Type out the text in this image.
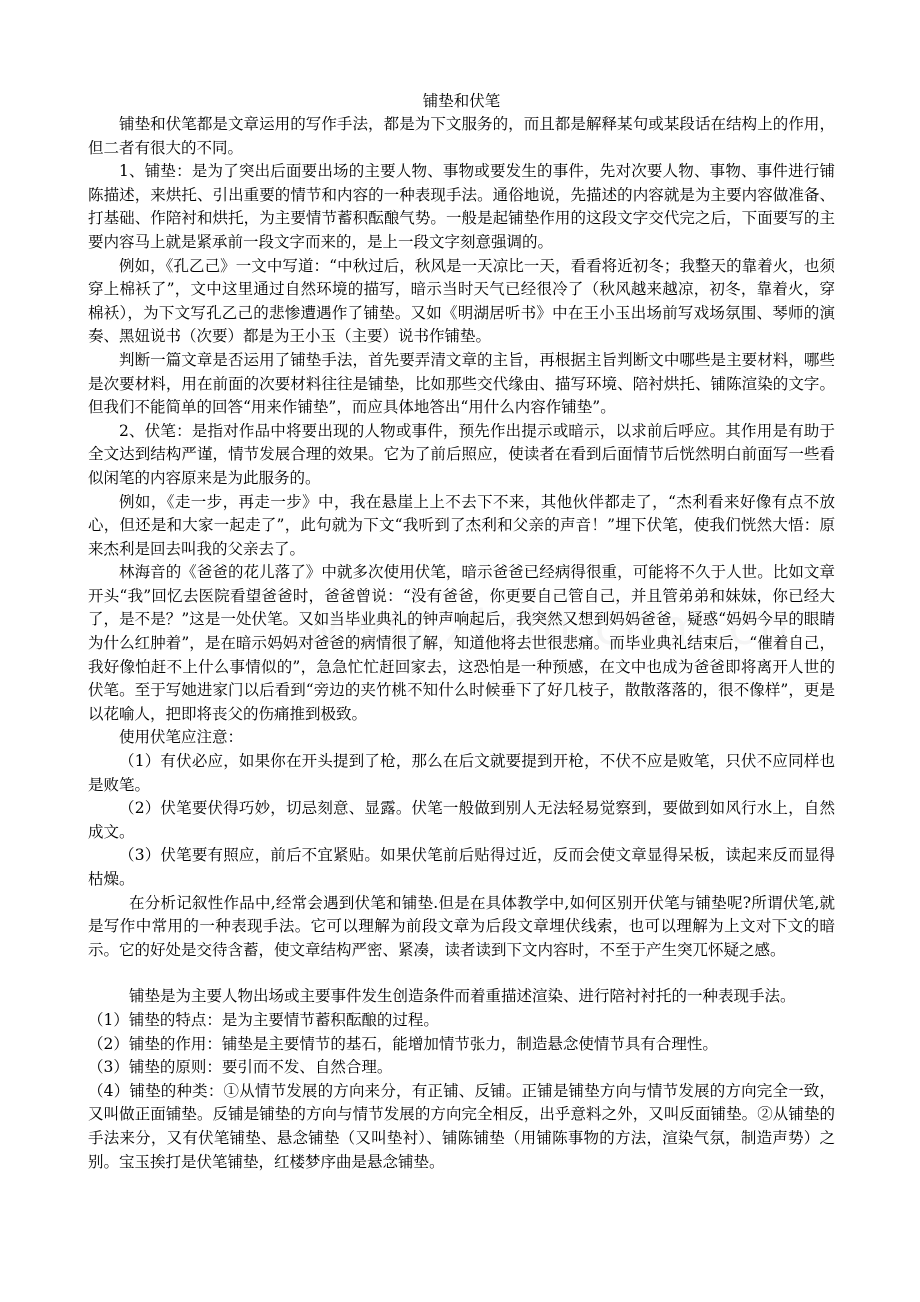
铺垫和伏笔

铺垫和伏笔都是文章运用的写作手法，都是为下文服务的，而且都是解释某句或某段话在结构上的作用，但二者有很大的不同。

1、铺垫：是为了突出后面要出场的主要人物、事物或要发生的事件，先对次要人物、事物、事件进行铺陈描述，来烘托、引出重要的情节和内容的一种表现手法。通俗地说，先描述的内容就是为主要内容做准备、打基础、作陪衬和烘托，为主要情节蓄积酝酿气势。一般是起铺垫作用的这段文字交代完之后，下面要写的主要内容马上就是紧承前一段文字而来的，是上一段文字刻意强调的。

例如，《孔乙己》一文中写道：“中秋过后，秋风是一天凉比一天，看看将近初冬；我整天的靠着火，也须穿上棉袄了”，文中这里通过自然环境的描写，暗示当时天气已经很冷了（秋风越来越凉，初冬，靠着火，穿棉袄），为下文写孔乙己的悲惨遭遇作了铺垫。又如《明湖居听书》中在王小玉出场前写戏场氛围、琴师的演奏、黑妞说书（次要）都是为王小玉（主要）说书作铺垫。

判断一篇文章是否运用了铺垫手法，首先要弄清文章的主旨，再根据主旨判断文中哪些是主要材料，哪些是次要材料，用在前面的次要材料往往是铺垫，比如那些交代缘由、描写环境、陪衬烘托、铺陈渲染的文字。但我们不能简单的回答“用来作铺垫”，而应具体地答出“用什么内容作铺垫”。

2、伏笔：是指对作品中将要出现的人物或事件，预先作出提示或暗示，以求前后呼应。其作用是有助于全文达到结构严谨，情节发展合理的效果。它为了前后照应，使读者在看到后面情节后恍然明白前面写一些看似闲笔的内容原来是为此服务的。

例如，《走一步，再走一步》中，我在悬崖上上不去下不来，其他伙伴都走了，“杰利看来好像有点不放心，但还是和大家一起走了”，此句就为下文“我听到了杰利和父亲的声音！”埋下伏笔，使我们恍然大悟：原来杰利是回去叫我的父亲去了。

林海音的《爸爸的花儿落了》中就多次使用伏笔，暗示爸爸已经病得很重，可能将不久于人世。比如文章开头“我”回忆去医院看望爸爸时，爸爸曾说：“没有爸爸，你更要自己管自己，并且管弟弟和妹妹，你已经大了，是不是？”这是一处伏笔。又如当毕业典礼的钟声响起后，我突然又想到妈妈爸爸，疑惑“妈妈今早的眼睛为什么红肿着”，是在暗示妈妈对爸爸的病情很了解，知道他将去世很悲痛。而毕业典礼结束后，“催着自己，我好像怕赶不上什么事情似的”，急急忙忙赶回家去，这恐怕是一种预感，在文中也成为爸爸即将离开人世的伏笔。至于写她进家门以后看到“旁边的夹竹桃不知什么时候垂下了好几枝子，散散落落的，很不像样”，更是以花喻人，把即将丧父的伤痛推到极致。

使用伏笔应注意：

（1）有伏必应，如果你在开头提到了枪，那么在后文就要提到开枪，不伏不应是败笔，只伏不应同样也是败笔。

（2）伏笔要伏得巧妙，切忌刻意、显露。伏笔一般做到别人无法轻易觉察到，要做到如风行水上，自然成文。

（3）伏笔要有照应，前后不宜紧贴。如果伏笔前后贴得过近，反而会使文章显得呆板，读起来反而显得枯燥。

在分析记叙性作品中,经常会遇到伏笔和铺垫.但是在具体教学中,如何区别开伏笔与铺垫呢?所谓伏笔,就是写作中常用的一种表现手法。它可以理解为前段文章为后段文章埋伏线索，也可以理解为上文对下文的暗示。它的好处是交待含蓄，使文章结构严密、紧凑，读者读到下文内容时，不至于产生突兀怀疑之感。

铺垫是为主要人物出场或主要事件发生创造条件而着重描述渲染、进行陪衬衬托的一种表现手法。

（1）铺垫的特点：是为主要情节蓄积酝酿的过程。

（2）铺垫的作用：铺垫是主要情节的基石，能增加情节张力，制造悬念使情节具有合理性。

（3）铺垫的原则：要引而不发、自然合理。

（4）铺垫的种类：①从情节发展的方向来分，有正铺、反铺。正铺是铺垫方向与情节发展的方向完全一致，又叫做正面铺垫。反铺是铺垫的方向与情节发展的方向完全相反，出乎意料之外，又叫反面铺垫。②从铺垫的手法来分，又有伏笔铺垫、悬念铺垫（又叫垫衬）、铺陈铺垫（用铺陈事物的方法，渲染气氛，制造声势）之别。宝玉挨打是伏笔铺垫，红楼梦序曲是悬念铺垫。
